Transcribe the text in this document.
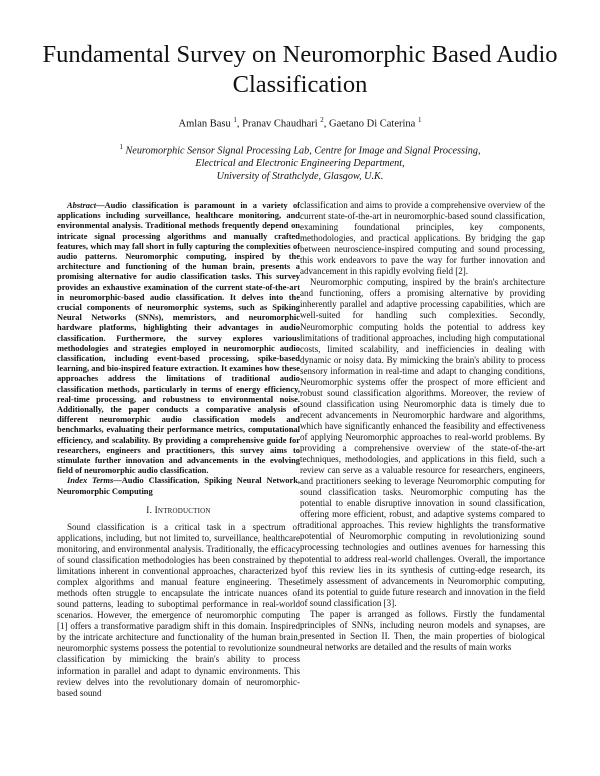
Fundamental Survey on Neuromorphic Based Audio Classification
Amlan Basu $^1$, Pranav Chaudhari $^2$, Gaetano Di Caterina $^1$
$^1$ Neuromorphic Sensor Signal Processing Lab, Centre for Image and Signal Processing,
Electrical and Electronic Engineering Department,
University of Strathclyde, Glasgow, U.K.

Abstract—Audio classification is paramount in a variety of applications including surveillance, healthcare monitoring, and environmental analysis. Traditional methods frequently depend on intricate signal processing algorithms and manually crafted features, which may fall short in fully capturing the complexities of audio patterns. Neuromorphic computing, inspired by the architecture and functioning of the human brain, presents a promising alternative for audio classification tasks. This survey provides an exhaustive examination of the current state-of-the-art in neuromorphic-based audio classification. It delves into the crucial components of neuromorphic systems, such as Spiking Neural Networks (SNNs), memristors, and neuromorphic hardware platforms, highlighting their advantages in audio classification. Furthermore, the survey explores various methodologies and strategies employed in neuromorphic audio classification, including event-based processing, spike-based learning, and bio-inspired feature extraction. It examines how these approaches address the limitations of traditional audio classification methods, particularly in terms of energy efficiency, real-time processing, and robustness to environmental noise. Additionally, the paper conducts a comparative analysis of different neuromorphic audio classification models and benchmarks, evaluating their performance metrics, computational efficiency, and scalability. By providing a comprehensive guide for researchers, engineers and practitioners, this survey aims to stimulate further innovation and advancements in the evolving field of neuromorphic audio classification.

Index Terms—Audio Classification, Spiking Neural Network, Neuromorphic Computing

I. Introduction

Sound classification is a critical task in a spectrum of applications, including, but not limited to, surveillance, healthcare monitoring, and environmental analysis. Traditionally, the efficacy of sound classification methodologies has been constrained by the limitations inherent in conventional approaches, characterized by complex algorithms and manual feature engineering. These methods often struggle to encapsulate the intricate nuances of sound patterns, leading to suboptimal performance in real-world scenarios. However, the emergence of neuromorphic computing [1] offers a transformative paradigm shift in this domain. Inspired by the intricate architecture and functionality of the human brain, neuromorphic systems possess the potential to revolutionize sound classification by mimicking the brain's ability to process information in parallel and adapt to dynamic environments. This review delves into the revolutionary domain of neuromorphic-based sound

classification and aims to provide a comprehensive overview of the current state-of-the-art in neuromorphic-based sound classification, examining foundational principles, key components, methodologies, and practical applications. By bridging the gap between neuroscience-inspired computing and sound processing, this work endeavors to pave the way for further innovation and advancement in this rapidly evolving field [2].

Neuromorphic computing, inspired by the brain's architecture and functioning, offers a promising alternative by providing inherently parallel and adaptive processing capabilities, which are well-suited for handling such complexities. Secondly, Neuromorphic computing holds the potential to address key limitations of traditional approaches, including high computational costs, limited scalability, and inefficiencies in dealing with dynamic or noisy data. By mimicking the brain's ability to process sensory information in real-time and adapt to changing conditions, Neuromorphic systems offer the prospect of more efficient and robust sound classification algorithms. Moreover, the review of sound classification using Neuromorphic data is timely due to recent advancements in Neuromorphic hardware and algorithms, which have significantly enhanced the feasibility and effectiveness of applying Neuromorphic approaches to real-world problems. By providing a comprehensive overview of the state-of-the-art techniques, methodologies, and applications in this field, such a review can serve as a valuable resource for researchers, engineers, and practitioners seeking to leverage Neuromorphic computing for sound classification tasks. Neuromorphic computing has the potential to enable disruptive innovation in sound classification, offering more efficient, robust, and adaptive systems compared to traditional approaches. This review highlights the transformative potential of Neuromorphic computing in revolutionizing sound processing technologies and outlines avenues for harnessing this potential to address real-world challenges. Overall, the importance of this review lies in its synthesis of cutting-edge research, its timely assessment of advancements in Neuromorphic computing, and its potential to guide future research and innovation in the field of sound classification [3].

The paper is arranged as follows. Firstly the fundamental principles of SNNs, including neuron models and synapses, are presented in Section II. Then, the main properties of biological neural networks are detailed and the results of main works
